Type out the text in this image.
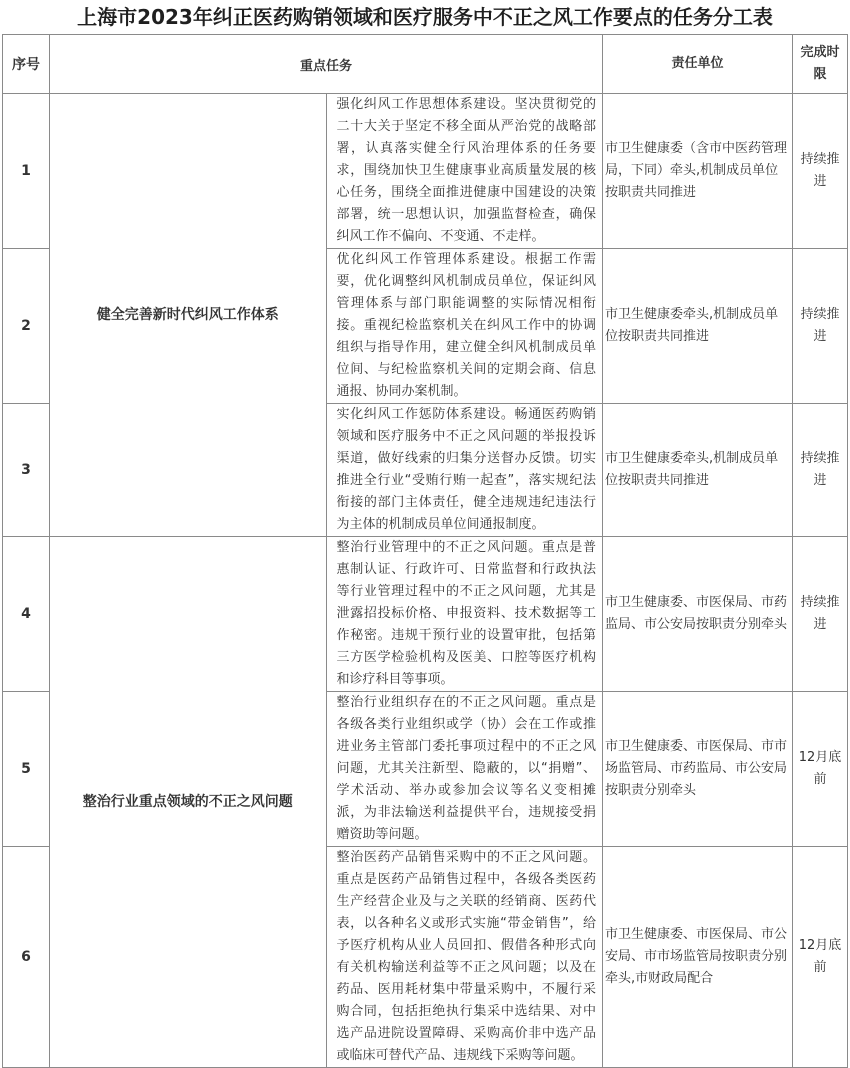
上海市2023年纠正医药购销领域和医疗服务中不正之风工作要点的任务分工表
序号	重点任务		责任单位	完成时限
1	健全完善新时代纠风工作体系	强化纠风工作思想体系建设。坚决贯彻党的二十大关于坚定不移全面从严治党的战略部署，认真落实健全行风治理体系的任务要求，围绕加快卫生健康事业高质量发展的核心任务，围绕全面推进健康中国建设的决策部署，统一思想认识，加强监督检查，确保纠风工作不偏向、不变通、不走样。	市卫生健康委（含市中医药管理局，下同）牵头,机制成员单位按职责共同推进	持续推进
2		优化纠风工作管理体系建设。根据工作需要，优化调整纠风机制成员单位，保证纠风管理体系与部门职能调整的实际情况相衔接。重视纪检监察机关在纠风工作中的协调组织与指导作用，建立健全纠风机制成员单位间、与纪检监察机关间的定期会商、信息通报、协同办案机制。	市卫生健康委牵头,机制成员单位按职责共同推进	持续推进
3		实化纠风工作惩防体系建设。畅通医药购销领域和医疗服务中不正之风问题的举报投诉渠道，做好线索的归集分送督办反馈。切实推进全行业“受贿行贿一起查”，落实规纪法衔接的部门主体责任，健全违规违纪违法行为主体的机制成员单位间通报制度。	市卫生健康委牵头,机制成员单位按职责共同推进	持续推进
4	整治行业重点领域的不正之风问题	整治行业管理中的不正之风问题。重点是普惠制认证、行政许可、日常监督和行政执法等行业管理过程中的不正之风问题，尤其是泄露招投标价格、申报资料、技术数据等工作秘密。违规干预行业的设置审批，包括第三方医学检验机构及医美、口腔等医疗机构和诊疗科目等事项。	市卫生健康委、市医保局、市药监局、市公安局按职责分别牵头	持续推进
5		整治行业组织存在的不正之风问题。重点是各级各类行业组织或学（协）会在工作或推进业务主管部门委托事项过程中的不正之风问题，尤其关注新型、隐蔽的，以“捐赠”、学术活动、举办或参加会议等名义变相摊派，为非法输送利益提供平台，违规接受捐赠资助等问题。	市卫生健康委、市医保局、市市场监管局、市药监局、市公安局按职责分别牵头	12月底前
6		整治医药产品销售采购中的不正之风问题。重点是医药产品销售过程中，各级各类医药生产经营企业及与之关联的经销商、医药代表，以各种名义或形式实施“带金销售”，给予医疗机构从业人员回扣、假借各种形式向有关机构输送利益等不正之风问题；以及在药品、医用耗材集中带量采购中，不履行采购合同，包括拒绝执行集采中选结果、对中选产品进院设置障碍、采购高价非中选产品或临床可替代产品、违规线下采购等问题。	市卫生健康委、市医保局、市公安局、市市场监管局按职责分别牵头,市财政局配合	12月底前
